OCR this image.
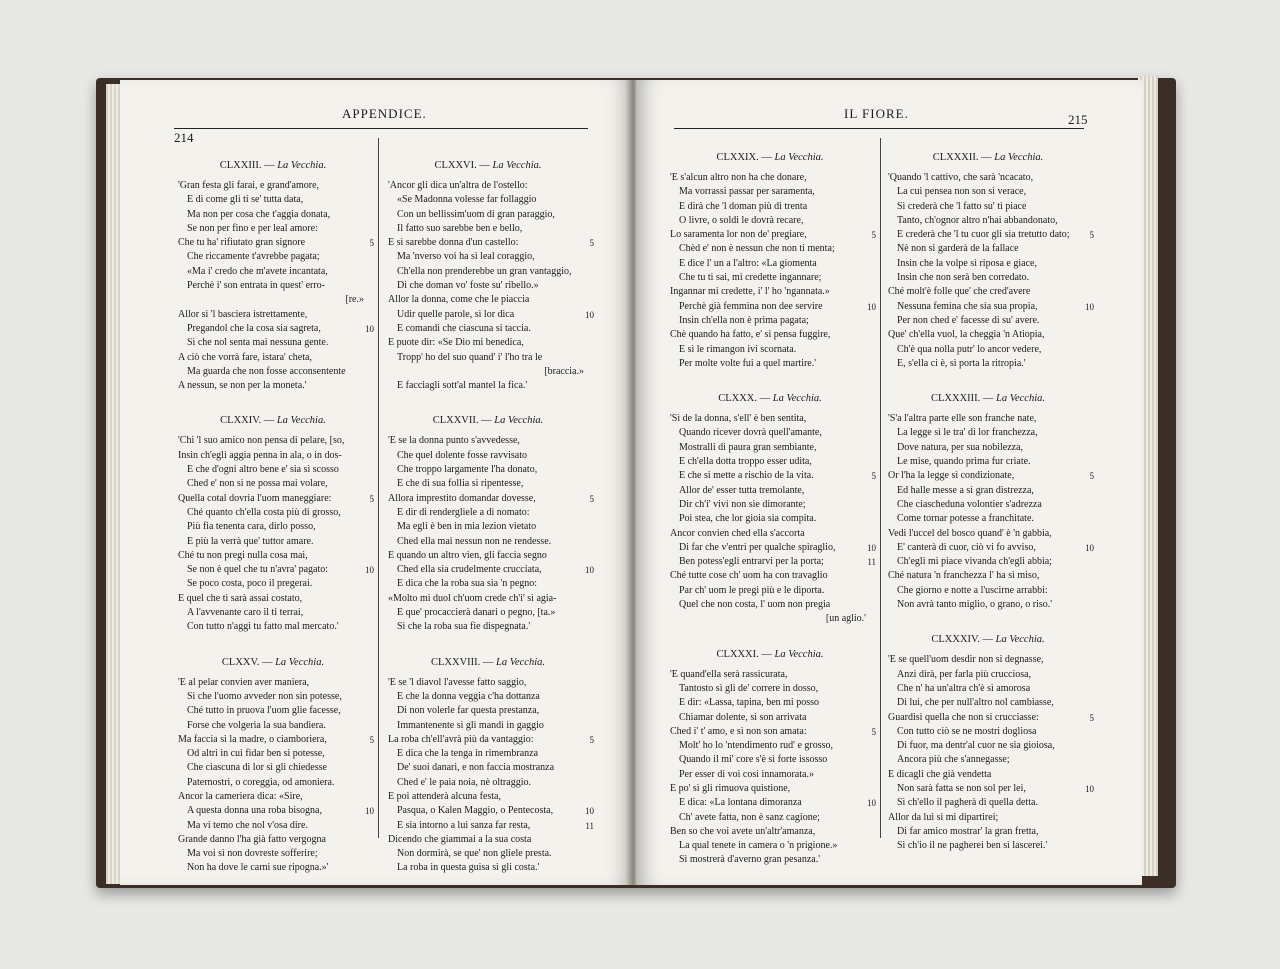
214
APPENDICE.
CLXXIII. — La Vecchia.
'Gran festa gli farai, e grand'amore,
E di come gli ti se' tutta data,
Ma non per cosa che t'aggia donata,
Se non per fino e per leal amore:
Che tu ha' rifiutato gran signore	5
Che riccamente t'avrebbe pagata;
«Ma i' credo che m'avete incantata,
Perchè i' son entrata in quest' erro-
[re.»
Allor si 'l basciera istrettamente,
Pregandol che la cosa sia sagreta,	10
Sì che nol senta mai nessuna gente.
A ciò che vorrà fare, istara' cheta,
Ma guarda che non fosse acconsentente
A nessun, se non per la moneta.'
CLXXIV. — La Vecchia.
'Chi 'l suo amico non pensa di pelare, [so,
Insin ch'egli aggia penna in ala, o in dos-
E che d'ogni altro bene e' sia sì scosso
Ched e' non si ne possa mai volare,
Quella cotal dovria l'uom maneggiare:	5
Ché quanto ch'ella costa più di grosso,
Più fia tenenta cara, dirlo posso,
E più la verrà que' tuttor amare.
Ché tu non pregi nulla cosa mai,
Se non è quel che tu n'avra' pagato:	10
Se poco costa, poco il pregerai.
E quel che ti sarà assai costato,
A l'avvenante caro il ti terrai,
Con tutto n'aggi tu fatto mal mercato.'
CLXXV. — La Vecchia.
'E al pelar convien aver maniera,
Sì che l'uomo avveder non sin potesse,
Ché tutto in pruova l'uom glie facesse,
Forse che volgeria la sua bandiera.
Ma faccia sì la madre, o ciamboriera,	5
Od altri in cui fidar ben si potesse,
Che ciascuna di lor sì gli chiedesse
Paternostri, o coreggia, od amoniera.
Ancor la cameriera dica: «Sire,
A questa donna una roba bisogna,	10
Ma vi temo che nol v'osa dire.
Grande danno l'ha già fatto vergogna
Ma voi sì non dovreste sofferire;
Non ha dove le carni sue ripogna.»'
CLXXVI. — La Vecchia.
'Ancor gli dica un'altra de l'ostello:
«Se Madonna volesse far follaggio
Con un bellissim'uom di gran paraggio,
Il fatto suo sarebbe ben e bello,
E sì sarebbe donna d'un castello:	5
Ma 'nverso voi ha sì leal coraggio,
Ch'ella non prenderebbe un gran vantaggio,
Di che doman vo' foste su' ribello.»
Allor la donna, come che le piaccia
Udir quelle parole, sì lor dica	10
E comandi che ciascuna si taccia.
E puote dir: «Se Dio mi benedica,
Tropp' ho del suo quand' i' l'ho tra le
[braccia.»
E facciagli sott'al mantel la fica.'
CLXXVII. — La Vecchia.
'E se la donna punto s'avvedesse,
Che quel dolente fosse ravvisato
Che troppo largamente l'ha donato,
E che di sua follia si ripentesse,
Allora imprestito domandar dovesse,	5
E dir di rendergliele a dì nomato:
Ma egli è ben in mia lezion vietato
Ched ella mai nessun non ne rendesse.
E quando un altro vien, gli faccia segno
Ched ella sia crudelmente crucciata,	10
E dica che la roba sua sia 'n pegno:
«Molto mi duol ch'uom crede ch'i' sì agia-
E que' procaccierà danari o pegno, [ta.»
Sì che la roba sua fie dispegnata.'
CLXXVIII. — La Vecchia.
'E se 'l diavol l'avesse fatto saggio,
E che la donna veggia c'ha dottanza
Di non volerle far questa prestanza,
Immantenente sì gli mandi in gaggio
La roba ch'ell'avrà più da vantaggio:	5
E dica che la tenga in rimembranza
De' suoi danari, e non faccia mostranza
Ched e' le paia noia, nè oltraggio.
E poi attenderà alcuna festa,
Pasqua, o Kalen Maggio, o Pentecosta,	10
E sia intorno a lui sanza far resta,	11
Dicendo che giammai a la sua costa
Non dormirà, se que' non gliele presta.
La roba in questa guisa sì gli costa.'
IL FIORE.	215
CLXXIX. — La Vecchia.
'E s'alcun altro non ha che donare,
Ma vorrassi passar per saramenta,
E dirà che 'l doman più di trenta
O livre, o soldi le dovrà recare,
Lo saramenta lor non de' pregiare,	5
Chèd e' non è nessun che non ti menta;
E dice l' un a l'altro: «La giomenta
Che tu ti sai, mi credette ingannare;
Ingannar mi credette, i' l' ho 'ngannata.»
Perchè già femmina non dee servire	10
Insin ch'ella non è prima pagata;
Chè quando ha fatto, e' si pensa fuggire,
E sì le rimangon ivi scornata.
Per molte volte fui a quel martire.'
CLXXX. — La Vecchia.
'Sì de la donna, s'ell' è ben sentita,
Quando ricever dovrà quell'amante,
Mostralli di paura gran sembiante,
E ch'ella dotta troppo esser udita,
E che si mette a rischio de la vita.	5
Allor de' esser tutta tremolante,
Dir ch'i' vivi non sie dimorante;
Poi stea, che lor gioia sia compita.
Ancor convien ched ella s'accorta
Di far che v'entri per qualche spiraglio,	10
Ben potess'egli entrarvi per la porta;	11
Ché tutte cose ch' uom ha con travaglio
Par ch' uom le pregi più e le diporta.
Quel che non costa, l' uom non pregia
[un aglio.'
CLXXXI. — La Vecchia.
'E quand'ella serà rassicurata,
Tantosto sì gli de' correre in dosso,
E dir: «Lassa, tapina, ben mi posso
Chiamar dolente, sì son arrivata
Ched i' t' amo, e sì non son amata:	5
Molt' ho lo 'ntendimento rud' e grosso,
Quando il mi' core s'è sì forte issosso
Per esser di voi così innamorata.»
E po' sì gli rimuova quistione,
E dica: «La lontana dimoranza	10
Ch' avete fatta, non è sanz cagione;
Ben so che voi avete un'altr'amanza,
La qual tenete in camera o 'n prigione.»
Sì mostrerà d'averno gran pesanza.'
CLXXXII. — La Vecchia.
'Quando 'l cattivo, che sarà 'ncacato,
La cui pensea non son sì verace,
Sì crederà che 'l fatto su' ti piace
Tanto, ch'ognor altro n'hai abbandonato,
E crederà che 'l tu cuor gli sia tretutto dato; 5
Nè non si garderà de la fallace
Insin che la volpe sì riposa e giace,
Insin che non serà ben corredato.
Ché molt'è folle que' che cred'avere
Nessuna femina che sia sua propia,	10
Per non ched e' facesse di su' avere.
Que' ch'ella vuol, la cheggia 'n Atiopia,
Ch'è qua nolla putr' lo ancor vedere,
E, s'ella ci è, sì porta la ritropia.'
CLXXXIII. — La Vecchia.
'S'a l'altra parte elle son franche nate,
La legge sì le tra' di lor franchezza,
Dove natura, per sua nobilezza,
Le mise, quando prima fur criate.
Or l'ha la legge sì condizionate,	5
Ed halle messe a sì gran distrezza,
Che ciascheduna volontier s'adrezza
Come tornar potesse a franchitate.
Vedi l'uccel del bosco quand' è 'n gabbia,
E' canterà di cuor, ciò vi fo avviso,	10
Ch'egli mi piace vivanda ch'egli abbia;
Ché natura 'n franchezza l' ha sì miso,
Che giorno e notte a l'uscirne arrabbi:
Non avrà tanto miglio, o grano, o riso.'
CLXXXIV. — La Vecchia.
'E se quell'uom desdir non si degnasse,
Anzi dirà, per farla più crucciosa,
Che n' ha un'altra ch'è sì amorosa
Di lui, che per null'altro nol cambiasse,
Guardisi quella che non si crucciasse:	5
Con tutto ciò se ne mostri dogliosa
Di fuor, ma dentr'al cuor ne sia gioiosa,
Ancora più che s'annegasse;
E dicagli che già vendetta
Non sarà fatta se non sol per lei,	10
Sì ch'ello il pagherà di quella detta.
Allor da lui sì mi dipartirei;
Di far amico mostrar' la gran fretta,
Sì ch'io il ne pagherei ben sì lascerei.'
